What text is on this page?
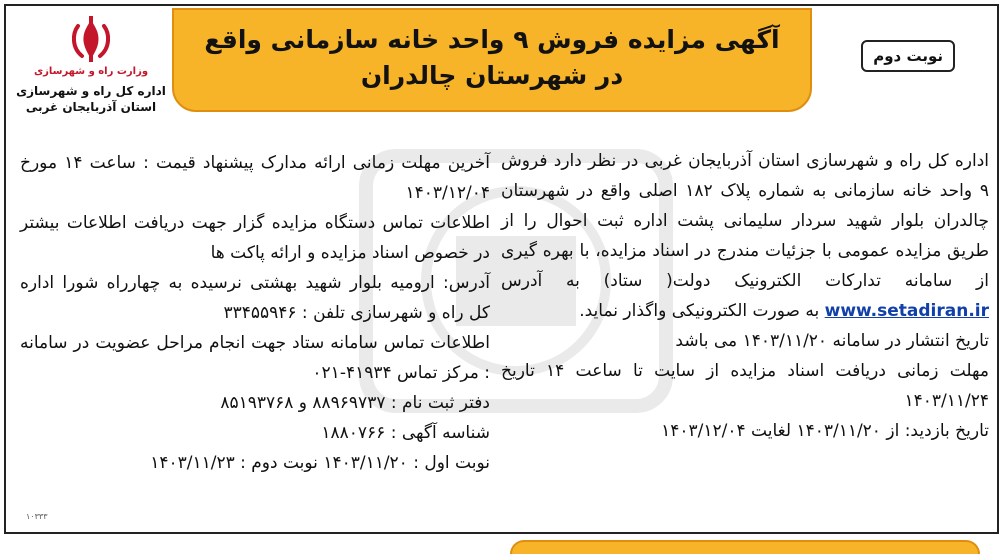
آگهی مزایده فروش ۹ واحد خانه سازمانی واقع
در شهرستان چالدران
نوبت دوم
وزارت راه و شهرسازی
اداره کل راه و شهرسازی
استان آذربایجان غربی

اداره کل راه و شهرسازی استان آذربایجان غربی در نظر دارد فروش ۹ واحد خانه سازمانی به شماره پلاک ۱۸۲ اصلی واقع در شهرستان چالدران بلوار شهید سردار سلیمانی پشت اداره ثبت احوال را از طریق مزایده عمومی با جزئیات مندرج در اسناد مزایده، با بهره گیری از سامانه تدارکات الکترونیک دولت( ستاد) به آدرس www.setadiran.ir به صورت الکترونیکی واگذار نماید.

تاریخ انتشار در سامانه ۱۴۰۳/۱۱/۲۰ می باشد

مهلت زمانی دریافت اسناد مزایده از سایت تا ساعت ۱۴ تاریخ ۱۴۰۳/۱۱/۲۴

تاریخ بازدید: از ۱۴۰۳/۱۱/۲۰ لغایت ۱۴۰۳/۱۲/۰۴

آخرین مهلت زمانی ارائه مدارک پیشنهاد قیمت : ساعت ۱۴ مورخ ۱۴۰۳/۱۲/۰۴

اطلاعات تماس دستگاه مزایده گزار جهت دریافت اطلاعات بیشتر در خصوص اسناد مزایده و ارائه پاکت ها

آدرس: ارومیه بلوار شهید بهشتی نرسیده به چهارراه شورا اداره کل راه و شهرسازی تلفن : ۳۳۴۵۵۹۴۶

اطلاعات تماس سامانه ستاد جهت انجام مراحل عضویت در سامانه : مرکز تماس ۴۱۹۳۴-۰۲۱

دفتر ثبت نام : ۸۸۹۶۹۷۳۷ و ۸۵۱۹۳۷۶۸

شناسه آگهی : ۱۸۸۰۷۶۶

نوبت اول : ۱۴۰۳/۱۱/۲۰ نوبت دوم : ۱۴۰۳/۱۱/۲۳

۱۰۳۳۳
